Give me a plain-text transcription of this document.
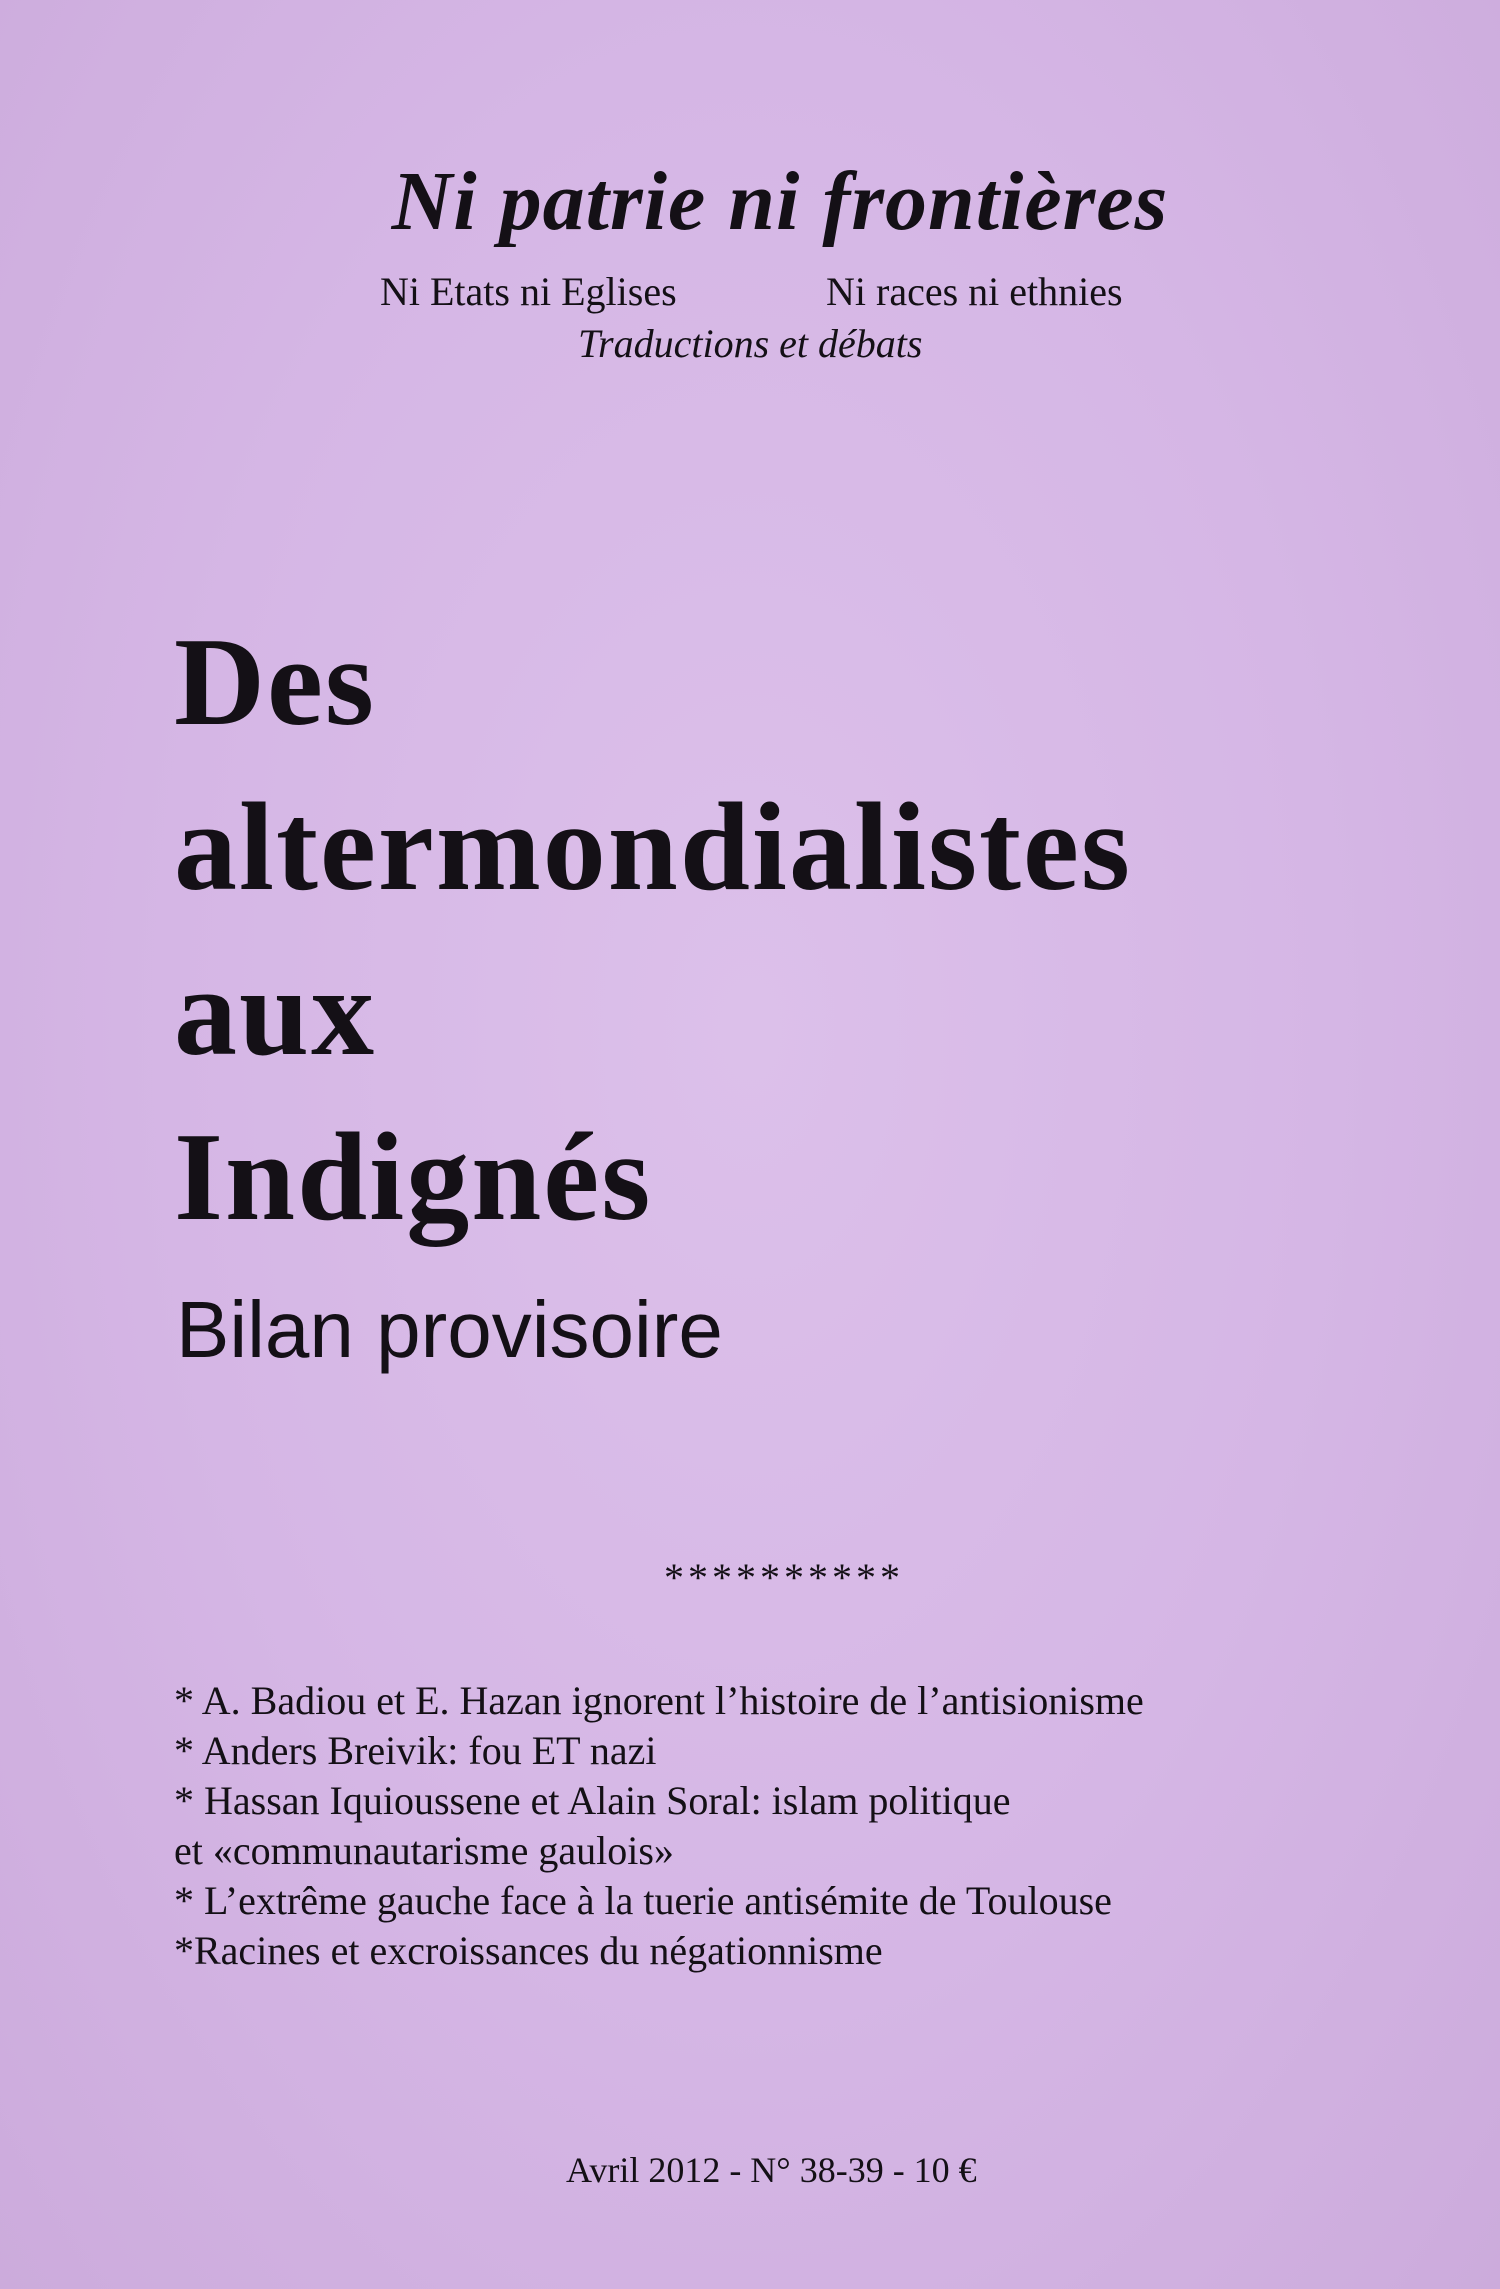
Ni patrie ni frontières
Ni Etats ni Eglises	Ni races ni ethnies
Traductions et débats
Des
altermondialistes
aux
Indignés
Bilan provisoire
**********
* A. Badiou et E. Hazan ignorent l’histoire de l’antisionisme
* Anders Breivik: fou ET nazi
* Hassan Iquioussene et Alain Soral: islam politique
et «communautarisme gaulois»
* L’extrême gauche face à la tuerie antisémite de Toulouse
*Racines et excroissances du négationnisme
Avril 2012 - N° 38-39 - 10 €
